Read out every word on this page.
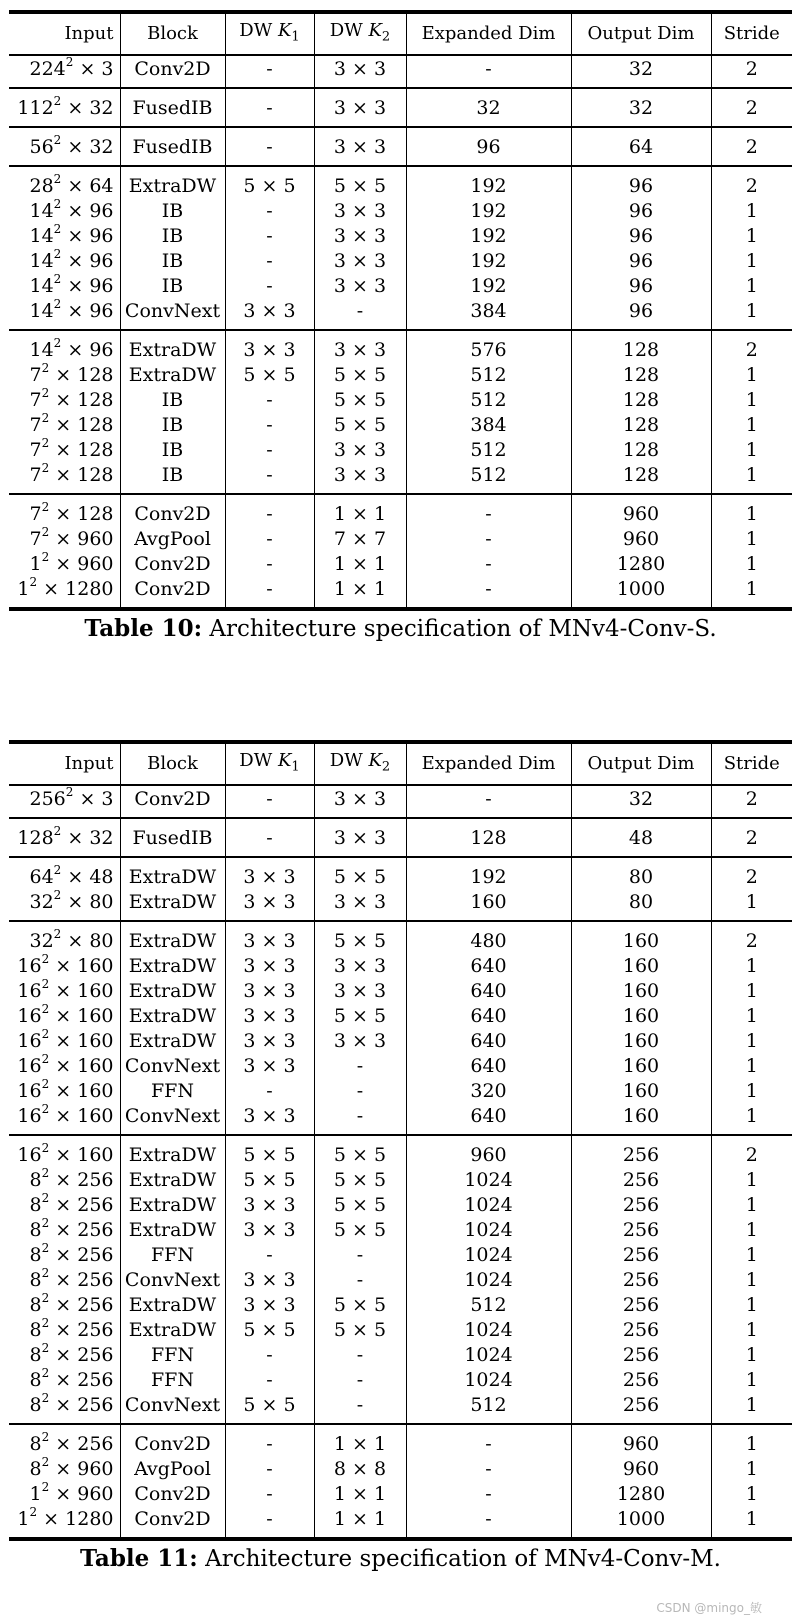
Input	Block	DW $K_1$	DW $K_2$	Expanded Dim	Output Dim	Stride
$224^2 \times 3$	Conv2D	-	3 × 3	-	32	2
$112^2 \times 32$	FusedIB	-	3 × 3	32	32	2
$56^2 \times 32$	FusedIB	-	3 × 3	96	64	2
$28^2 \times 64$	ExtraDW	5 × 5	5 × 5	192	96	2
$14^2 \times 96$	IB	-	3 × 3	192	96	1
$14^2 \times 96$	IB	-	3 × 3	192	96	1
$14^2 \times 96$	IB	-	3 × 3	192	96	1
$14^2 \times 96$	IB	-	3 × 3	192	96	1
$14^2 \times 96$	ConvNext	3 × 3	-	384	96	1
$14^2 \times 96$	ExtraDW	3 × 3	3 × 3	576	128	2
$7^2 \times 128$	ExtraDW	5 × 5	5 × 5	512	128	1
$7^2 \times 128$	IB	-	5 × 5	512	128	1
$7^2 \times 128$	IB	-	5 × 5	384	128	1
$7^2 \times 128$	IB	-	3 × 3	512	128	1
$7^2 \times 128$	IB	-	3 × 3	512	128	1
$7^2 \times 128$	Conv2D	-	1 × 1	-	960	1
$7^2 \times 960$	AvgPool	-	7 × 7	-	960	1
$1^2 \times 960$	Conv2D	-	1 × 1	-	1280	1
$1^2 \times 1280$	Conv2D	-	1 × 1	-	1000	1
Table 10: Architecture specification of MNv4-Conv-S.
Input	Block	DW $K_1$	DW $K_2$	Expanded Dim	Output Dim	Stride
$256^2 \times 3$	Conv2D	-	3 × 3	-	32	2
$128^2 \times 32$	FusedIB	-	3 × 3	128	48	2
$64^2 \times 48$	ExtraDW	3 × 3	5 × 5	192	80	2
$32^2 \times 80$	ExtraDW	3 × 3	3 × 3	160	80	1
$32^2 \times 80$	ExtraDW	3 × 3	5 × 5	480	160	2
$16^2 \times 160$	ExtraDW	3 × 3	3 × 3	640	160	1
$16^2 \times 160$	ExtraDW	3 × 3	3 × 3	640	160	1
$16^2 \times 160$	ExtraDW	3 × 3	5 × 5	640	160	1
$16^2 \times 160$	ExtraDW	3 × 3	3 × 3	640	160	1
$16^2 \times 160$	ConvNext	3 × 3	-	640	160	1
$16^2 \times 160$	FFN	-	-	320	160	1
$16^2 \times 160$	ConvNext	3 × 3	-	640	160	1
$16^2 \times 160$	ExtraDW	5 × 5	5 × 5	960	256	2
$8^2 \times 256$	ExtraDW	5 × 5	5 × 5	1024	256	1
$8^2 \times 256$	ExtraDW	3 × 3	5 × 5	1024	256	1
$8^2 \times 256$	ExtraDW	3 × 3	5 × 5	1024	256	1
$8^2 \times 256$	FFN	-	-	1024	256	1
$8^2 \times 256$	ConvNext	3 × 3	-	1024	256	1
$8^2 \times 256$	ExtraDW	3 × 3	5 × 5	512	256	1
$8^2 \times 256$	ExtraDW	5 × 5	5 × 5	1024	256	1
$8^2 \times 256$	FFN	-	-	1024	256	1
$8^2 \times 256$	FFN	-	-	1024	256	1
$8^2 \times 256$	ConvNext	5 × 5	-	512	256	1
$8^2 \times 256$	Conv2D	-	1 × 1	-	960	1
$8^2 \times 960$	AvgPool	-	8 × 8	-	960	1
$1^2 \times 960$	Conv2D	-	1 × 1	-	1280	1
$1^2 \times 1280$	Conv2D	-	1 × 1	-	1000	1
Table 11: Architecture specification of MNv4-Conv-M.
CSDN @mingo_敏
